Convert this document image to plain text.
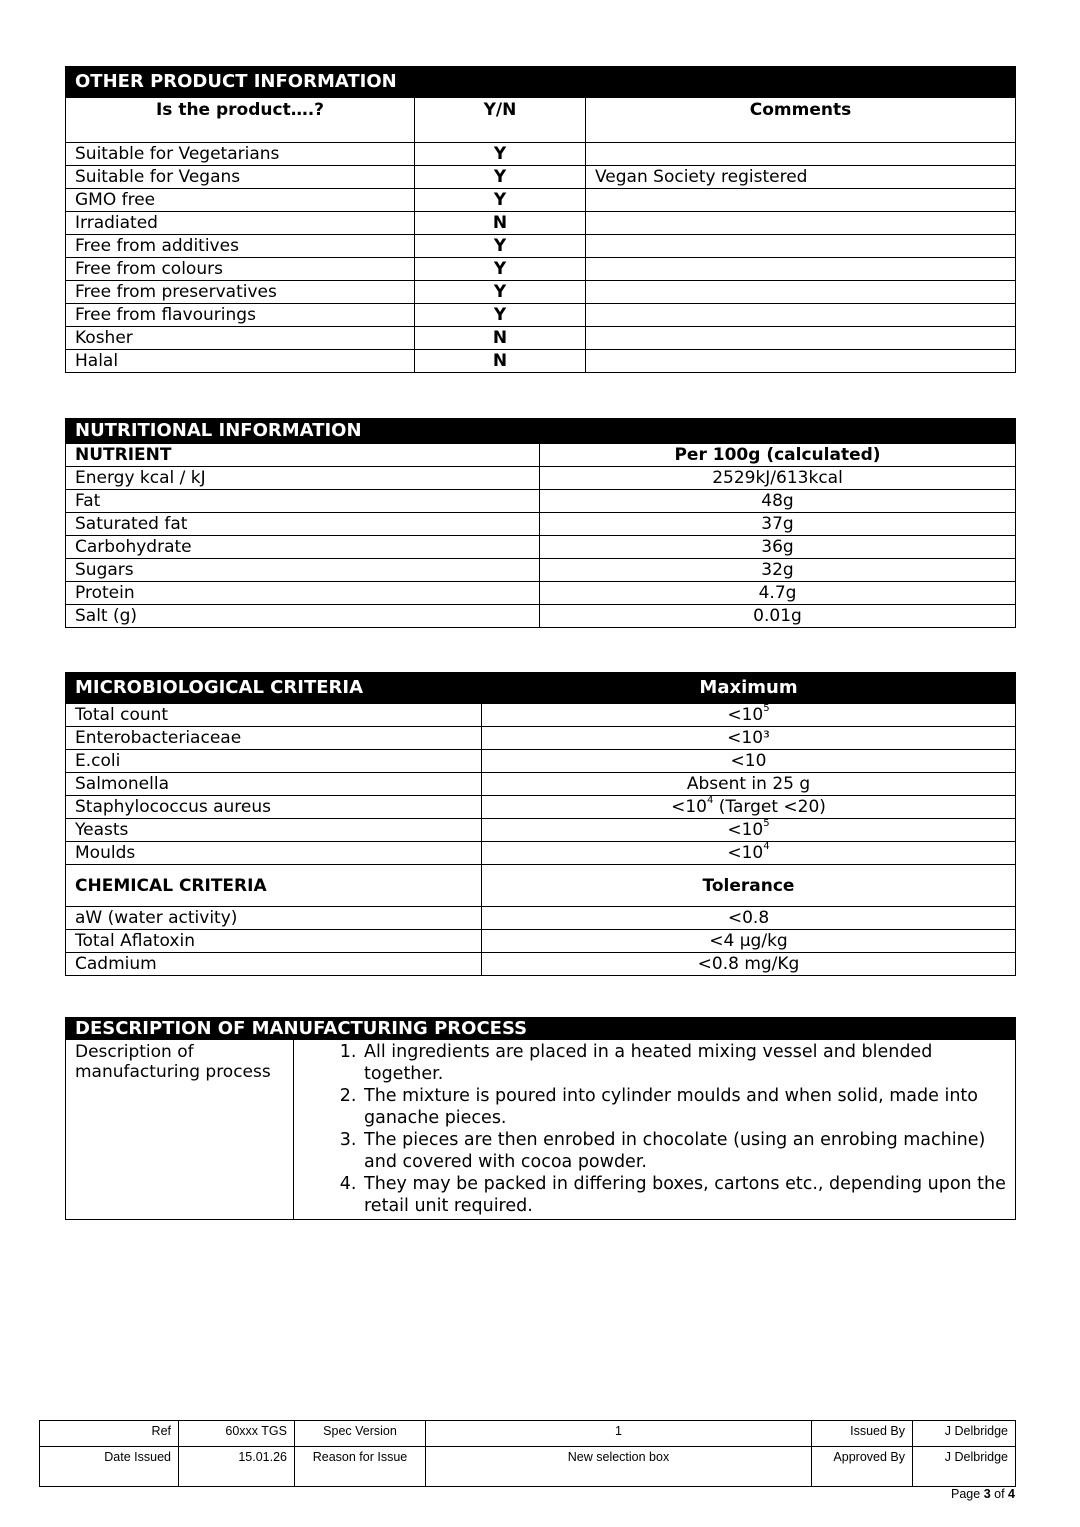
OTHER PRODUCT INFORMATION		
Is the product….?	Y/N	Comments
Suitable for Vegetarians	Y	
Suitable for Vegans	Y	Vegan Society registered
GMO free	Y	
Irradiated	N	
Free from additives	Y	
Free from colours	Y	
Free from preservatives	Y	
Free from flavourings	Y	
Kosher	N	
Halal	N	
NUTRITIONAL INFORMATION	
NUTRIENT	Per 100g (calculated)
Energy kcal / kJ	2529kJ/613kcal
Fat	48g
Saturated fat	37g
Carbohydrate	36g
Sugars	32g
Protein	4.7g
Salt (g)	0.01g
MICROBIOLOGICAL CRITERIA	Maximum
Total count	$<10^5$
Enterobacteriaceae	<10³
E.coli	<10
Salmonella	Absent in 25 g
Staphylococcus aureus	$<10^4$ (Target <20)
Yeasts	$<10^5$
Moulds	$<10^4$
CHEMICAL CRITERIA	Tolerance
aW (water activity)	<0.8
Total Aflatoxin	<4 µg/kg
Cadmium	<0.8 mg/Kg
DESCRIPTION OF MANUFACTURING PROCESS
Description of manufacturing process	
1. All ingredients are placed in a heated mixing vessel and blended together.
2. The mixture is poured into cylinder moulds and when solid, made into ganache pieces.
3. The pieces are then enrobed in chocolate (using an enrobing machine) and covered with cocoa powder.
4. They may be packed in differing boxes, cartons etc., depending upon the retail unit required.
Ref	60xxx TGS	Spec Version	1	Issued By	J Delbridge
Date Issued	15.01.26	Reason for Issue	New selection box	Approved By	J Delbridge
Page 3 of 4
